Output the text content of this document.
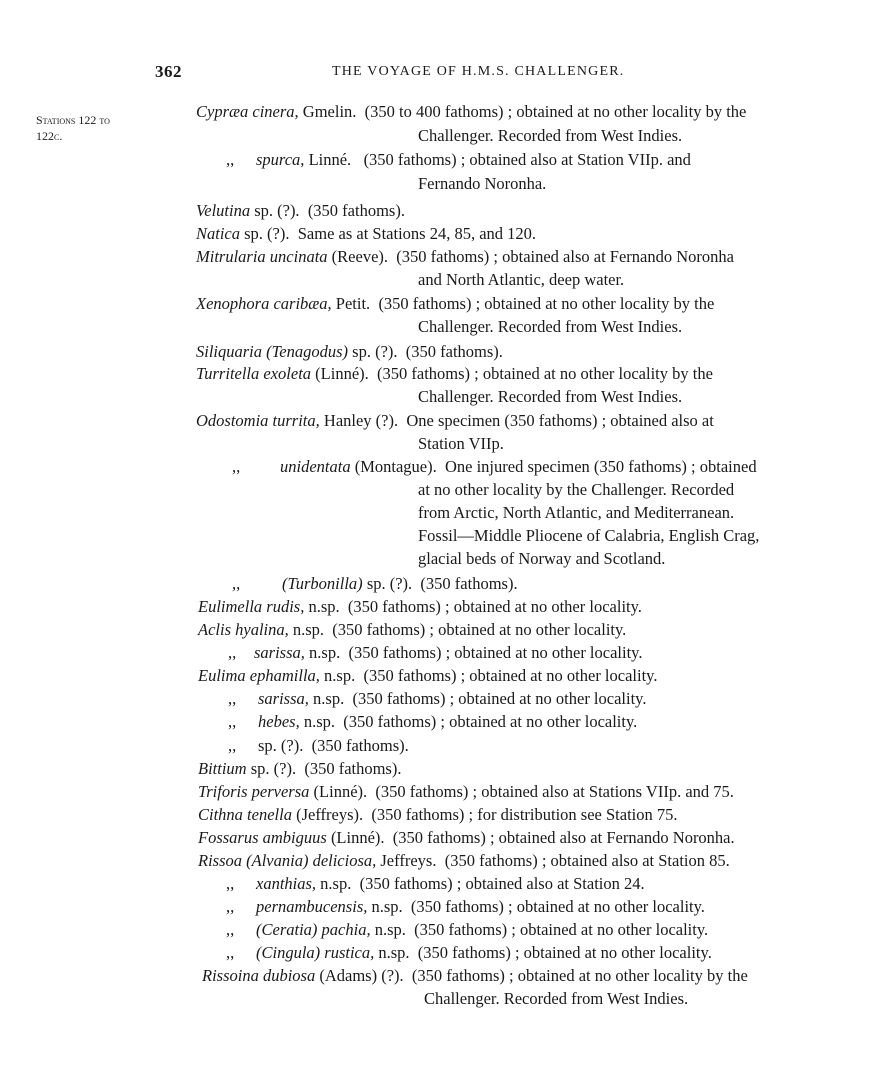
362	THE VOYAGE OF H.M.S. CHALLENGER.
Stations 122 to
122c.
Cypræa cinera, Gmelin. (350 to 400 fathoms) ; obtained at no other locality by the
Challenger. Recorded from West Indies.
,, spurca, Linné. (350 fathoms) ; obtained also at Station VIIp. and
Fernando Noronha.
Velutina sp. (?). (350 fathoms).
Natica sp. (?). Same as at Stations 24, 85, and 120.
Mitrularia uncinata (Reeve). (350 fathoms) ; obtained also at Fernando Noronha
and North Atlantic, deep water.
Xenophora caribæa, Petit. (350 fathoms) ; obtained at no other locality by the
Challenger. Recorded from West Indies.
Siliquaria (Tenagodus) sp. (?). (350 fathoms).
Turritella exoleta (Linné). (350 fathoms) ; obtained at no other locality by the
Challenger. Recorded from West Indies.
Odostomia turrita, Hanley (?). One specimen (350 fathoms) ; obtained also at
Station VIIp.
,, unidentata (Montague). One injured specimen (350 fathoms) ; obtained
at no other locality by the Challenger. Recorded
from Arctic, North Atlantic, and Mediterranean.
Fossil—Middle Pliocene of Calabria, English Crag,
glacial beds of Norway and Scotland.
,,	(Turbonilla) sp. (?). (350 fathoms).
Eulimella rudis, n.sp. (350 fathoms) ; obtained at no other locality.
Aclis hyalina, n.sp. (350 fathoms) ; obtained at no other locality.
,, sarissa, n.sp. (350 fathoms) ; obtained at no other locality.
Eulima ephamilla, n.sp. (350 fathoms) ; obtained at no other locality.
,, sarissa, n.sp. (350 fathoms) ; obtained at no other locality.
,, hebes, n.sp. (350 fathoms) ; obtained at no other locality.
,, sp. (?). (350 fathoms).
Bittium sp. (?). (350 fathoms).
Triforis perversa (Linné). (350 fathoms) ; obtained also at Stations VIIp. and 75.
Cithna tenella (Jeffreys). (350 fathoms) ; for distribution see Station 75.
Fossarus ambiguus (Linné). (350 fathoms) ; obtained also at Fernando Noronha.
Rissoa (Alvania) deliciosa, Jeffreys. (350 fathoms) ; obtained also at Station 85.
,, xanthias, n.sp. (350 fathoms) ; obtained also at Station 24.
,, pernambucensis, n.sp. (350 fathoms) ; obtained at no other locality.
,, (Ceratia) pachia, n.sp. (350 fathoms) ; obtained at no other locality.
,, (Cingula) rustica, n.sp. (350 fathoms) ; obtained at no other locality.
Rissoina dubiosa (Adams) (?). (350 fathoms) ; obtained at no other locality by the
Challenger. Recorded from West Indies.
